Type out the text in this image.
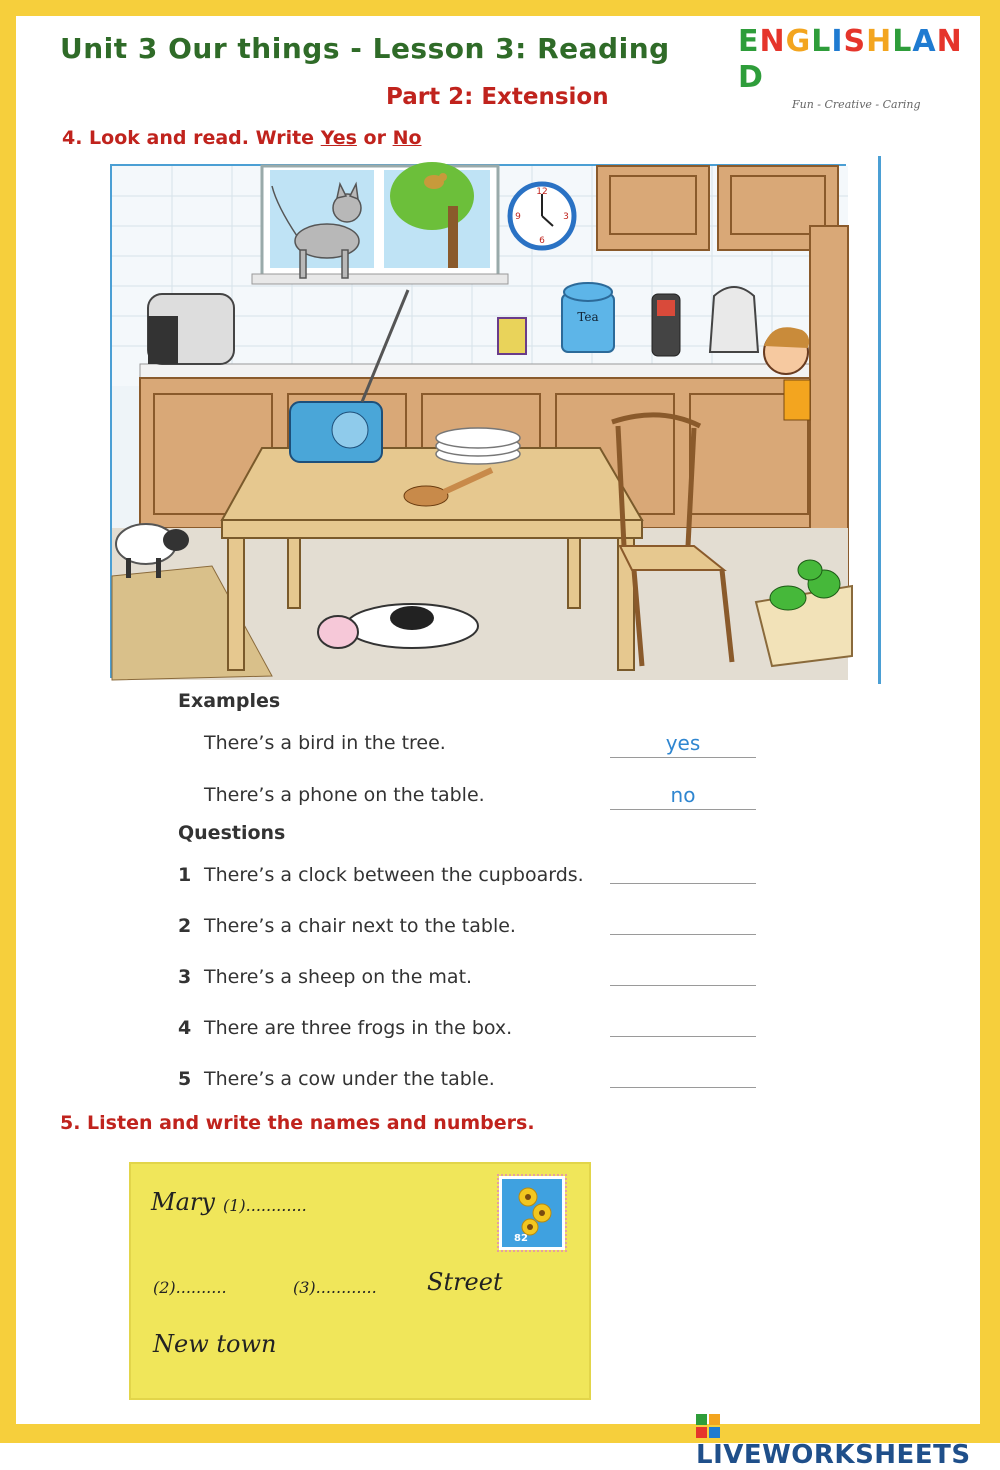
Unit 3 Our things - Lesson 3: Reading ENGLISHLAND
Fun - Creative - Caring
Part 2: Extension
4. Look and read. Write Yes or No
12
3
6
9
Tea
Examples
There’s a bird in the tree.	yes
There’s a phone on the table.	no
Questions
1 There’s a clock between the cupboards.
2 There’s a chair next to the table.
3 There’s a sheep on the mat.
4 There are three frogs in the box.
5 There’s a cow under the table.
5. Listen and write the names and numbers.
Mary (1)............
82
(2)..........	(3)............ Street
New town
LIVEWORKSHEETS
